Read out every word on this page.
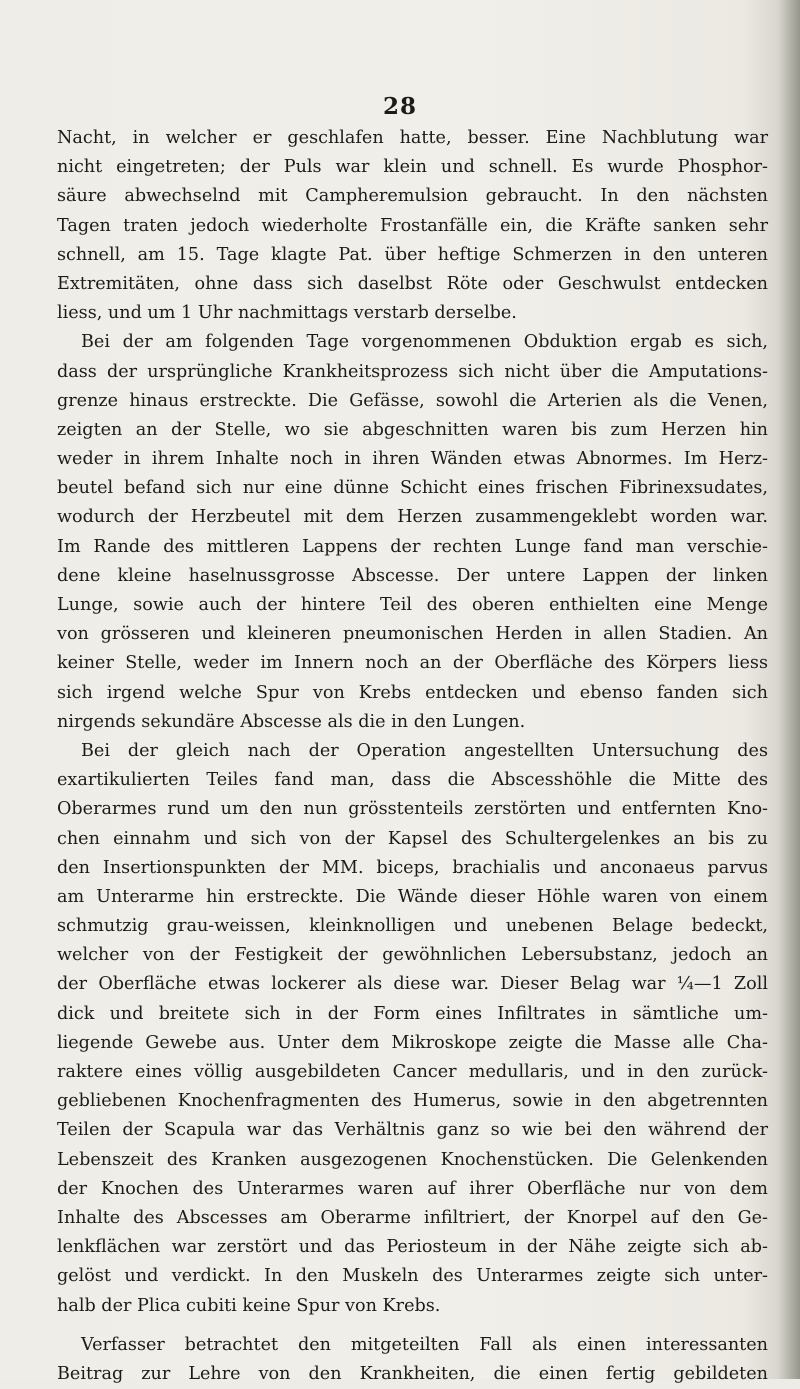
28
Nacht, in welcher er geschlafen hatte, besser. Eine Nachblutung war
nicht eingetreten; der Puls war klein und schnell. Es wurde Phosphor-
säure abwechselnd mit Campheremulsion gebraucht. In den nächsten
Tagen traten jedoch wiederholte Frostanfälle ein, die Kräfte sanken sehr
schnell, am 15. Tage klagte Pat. über heftige Schmerzen in den unteren
Extremitäten, ohne dass sich daselbst Röte oder Geschwulst entdecken
liess, und um 1 Uhr nachmittags verstarb derselbe.
Bei der am folgenden Tage vorgenommenen Obduktion ergab es sich,
dass der ursprüngliche Krankheitsprozess sich nicht über die Amputations-
grenze hinaus erstreckte. Die Gefässe, sowohl die Arterien als die Venen,
zeigten an der Stelle, wo sie abgeschnitten waren bis zum Herzen hin
weder in ihrem Inhalte noch in ihren Wänden etwas Abnormes. Im Herz-
beutel befand sich nur eine dünne Schicht eines frischen Fibrinexsudates,
wodurch der Herzbeutel mit dem Herzen zusammengeklebt worden war.
Im Rande des mittleren Lappens der rechten Lunge fand man verschie-
dene kleine haselnussgrosse Abscesse. Der untere Lappen der linken
Lunge, sowie auch der hintere Teil des oberen enthielten eine Menge
von grösseren und kleineren pneumonischen Herden in allen Stadien. An
keiner Stelle, weder im Innern noch an der Oberfläche des Körpers liess
sich irgend welche Spur von Krebs entdecken und ebenso fanden sich
nirgends sekundäre Abscesse als die in den Lungen.
Bei der gleich nach der Operation angestellten Untersuchung des
exartikulierten Teiles fand man, dass die Abscesshöhle die Mitte des
Oberarmes rund um den nun grösstenteils zerstörten und entfernten Kno-
chen einnahm und sich von der Kapsel des Schultergelenkes an bis zu
den Insertionspunkten der MM. biceps, brachialis und anconaeus parvus
am Unterarme hin erstreckte. Die Wände dieser Höhle waren von einem
schmutzig grau-weissen, kleinknolligen und unebenen Belage bedeckt,
welcher von der Festigkeit der gewöhnlichen Lebersubstanz, jedoch an
der Oberfläche etwas lockerer als diese war. Dieser Belag war ¼—1 Zoll
dick und breitete sich in der Form eines Infiltrates in sämtliche um-
liegende Gewebe aus. Unter dem Mikroskope zeigte die Masse alle Cha-
raktere eines völlig ausgebildeten Cancer medullaris, und in den zurück-
gebliebenen Knochenfragmenten des Humerus, sowie in den abgetrennten
Teilen der Scapula war das Verhältnis ganz so wie bei den während der
Lebenszeit des Kranken ausgezogenen Knochenstücken. Die Gelenkenden
der Knochen des Unterarmes waren auf ihrer Oberfläche nur von dem
Inhalte des Abscesses am Oberarme infiltriert, der Knorpel auf den Ge-
lenkflächen war zerstört und das Periosteum in der Nähe zeigte sich ab-
gelöst und verdickt. In den Muskeln des Unterarmes zeigte sich unter-
halb der Plica cubiti keine Spur von Krebs.
Verfasser betrachtet den mitgeteilten Fall als einen interessanten
Beitrag zur Lehre von den Krankheiten, die einen fertig gebildeten
